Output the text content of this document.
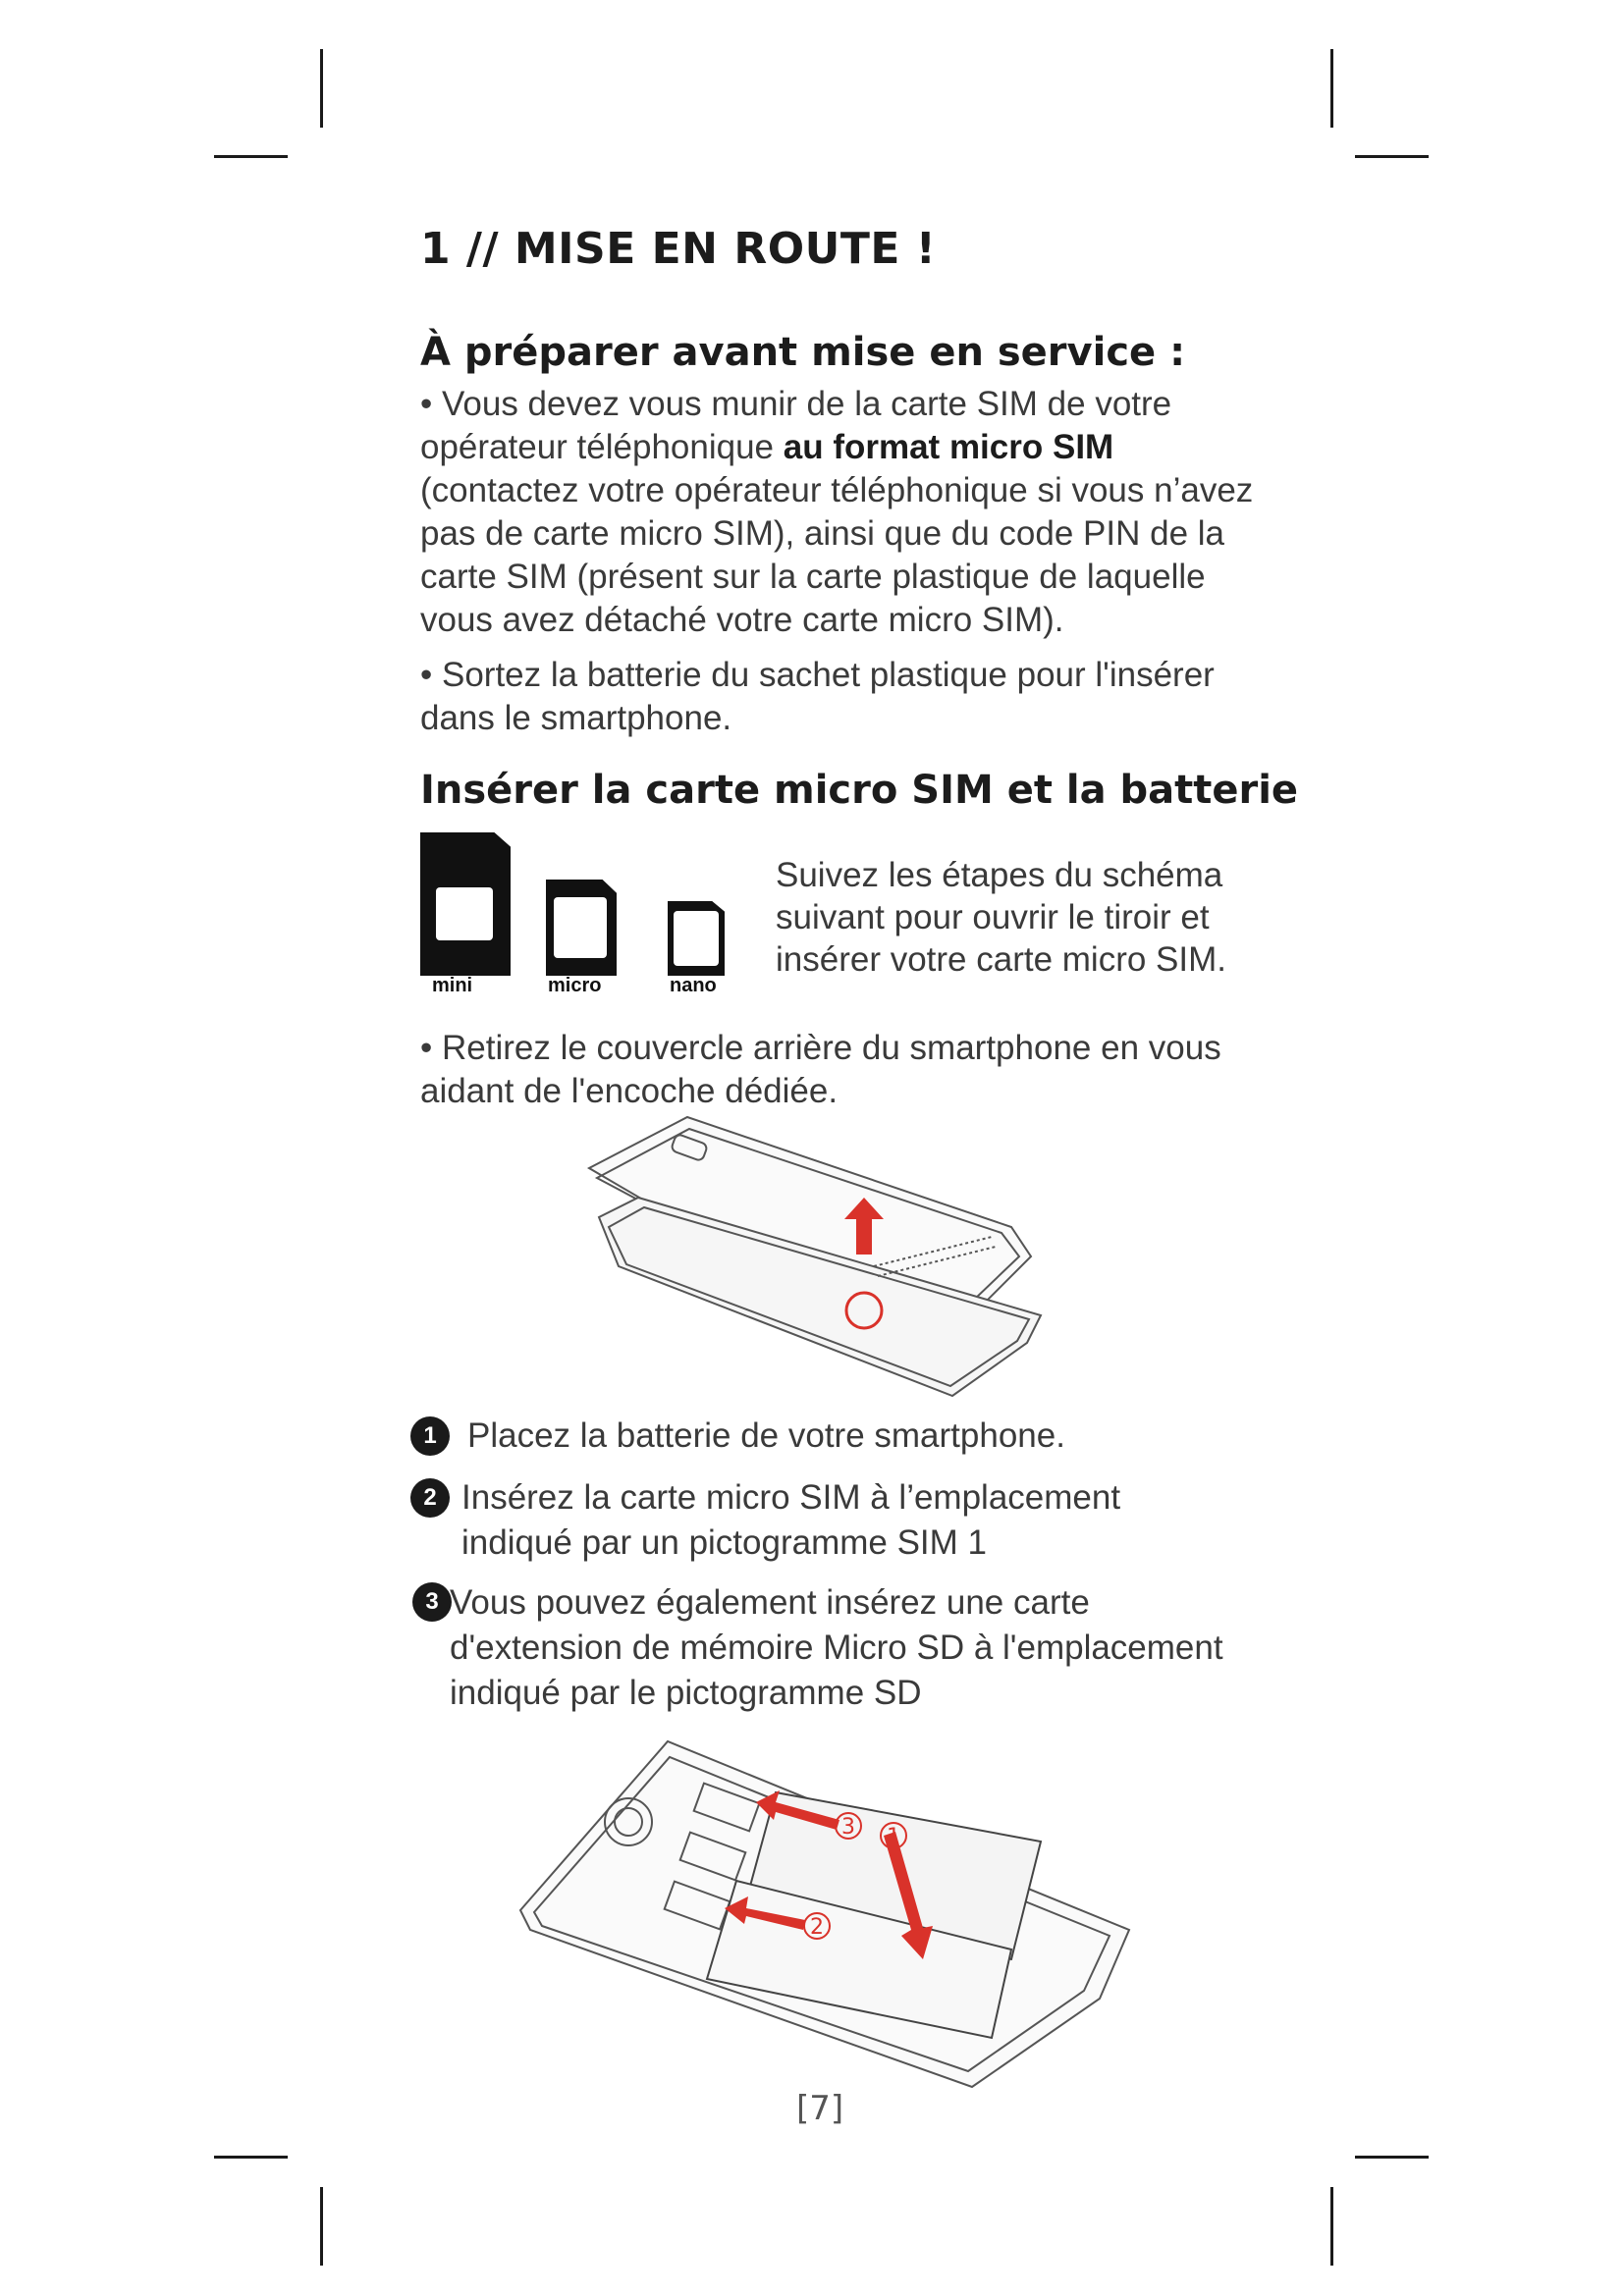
1 // MISE EN ROUTE !
À préparer avant mise en service :
• Vous devez vous munir de la carte SIM de votre opérateur téléphonique au format micro SIM (contactez votre opérateur téléphonique si vous n’avez pas de carte micro SIM), ainsi que du code PIN de la carte SIM (présent sur la carte plastique de laquelle vous avez détaché votre carte micro SIM).
• Sortez la batterie du sachet plastique pour l'insérer dans le smartphone.
Insérer la carte micro SIM et la batterie
mini	micro	nano
Suivez les étapes du schéma suivant pour ouvrir le tiroir et insérer votre carte micro SIM.
• Retirez le couvercle arrière du smartphone en vous aidant de l'encoche dédiée.
1 Placez la batterie de votre smartphone.
2 Insérez la carte micro SIM à l’emplacement indiqué par un pictogramme SIM 1
3 Vous pouvez également insérez une carte d'extension de mémoire Micro SD à l'emplacement indiqué par le pictogramme SD
3 1
2
[7]
